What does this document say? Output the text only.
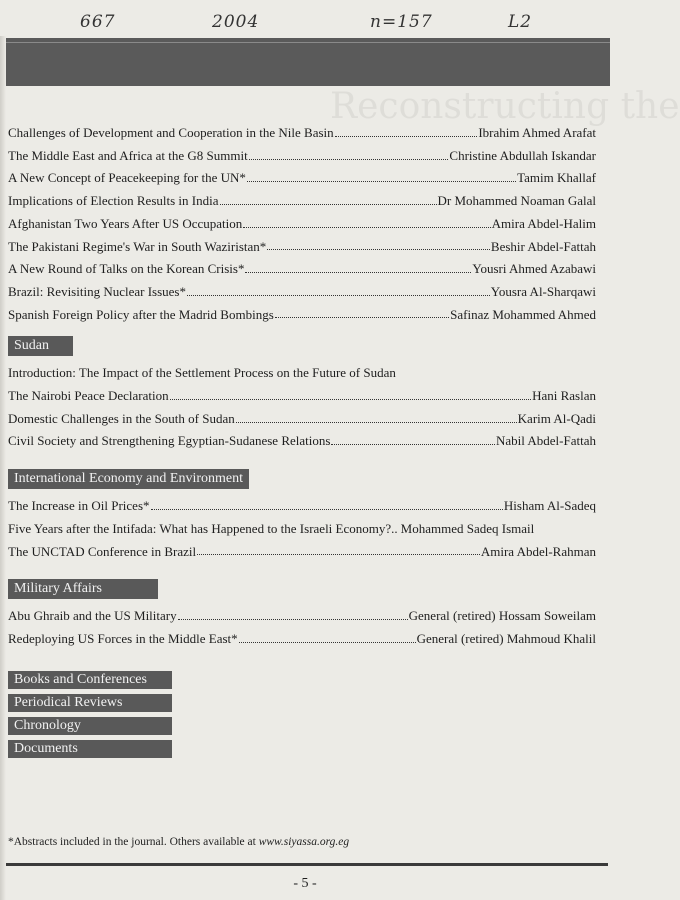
667	2004	n=157	L2
Reconstructing the
Challenges of Development and Cooperation in the Nile Basin	Ibrahim Ahmed Arafat
The Middle East and Africa at the G8 Summit	Christine Abdullah Iskandar
A New Concept of Peacekeeping for the UN*	Tamim Khallaf
Implications of Election Results in India	Dr Mohammed Noaman Galal
Afghanistan Two Years After US Occupation	Amira Abdel-Halim
The Pakistani Regime's War in South Waziristan*	Beshir Abdel-Fattah
A New Round of Talks on the Korean Crisis*	Yousri Ahmed Azabawi
Brazil: Revisiting Nuclear Issues*	Yousra Al-Sharqawi
Spanish Foreign Policy after the Madrid Bombings	Safinaz Mohammed Ahmed
Sudan
Introduction: The Impact of the Settlement Process on the Future of Sudan
The Nairobi Peace Declaration	Hani Raslan
Domestic Challenges in the South of Sudan	Karim Al-Qadi
Civil Society and Strengthening Egyptian-Sudanese Relations	Nabil Abdel-Fattah
International Economy and Environment
The Increase in Oil Prices*	Hisham Al-Sadeq
Five Years after the Intifada: What has Happened to the Israeli Economy? .. Mohammed Sadeq Ismail
The UNCTAD Conference in Brazil	Amira Abdel-Rahman
Military Affairs
Abu Ghraib and the US Military	General (retired) Hossam Soweilam
Redeploying US Forces in the Middle East*	General (retired) Mahmoud Khalil
Books and Conferences
Periodical Reviews
Chronology
Documents
*Abstracts included in the journal. Others available at www.siyassa.org.eg
- 5 -
